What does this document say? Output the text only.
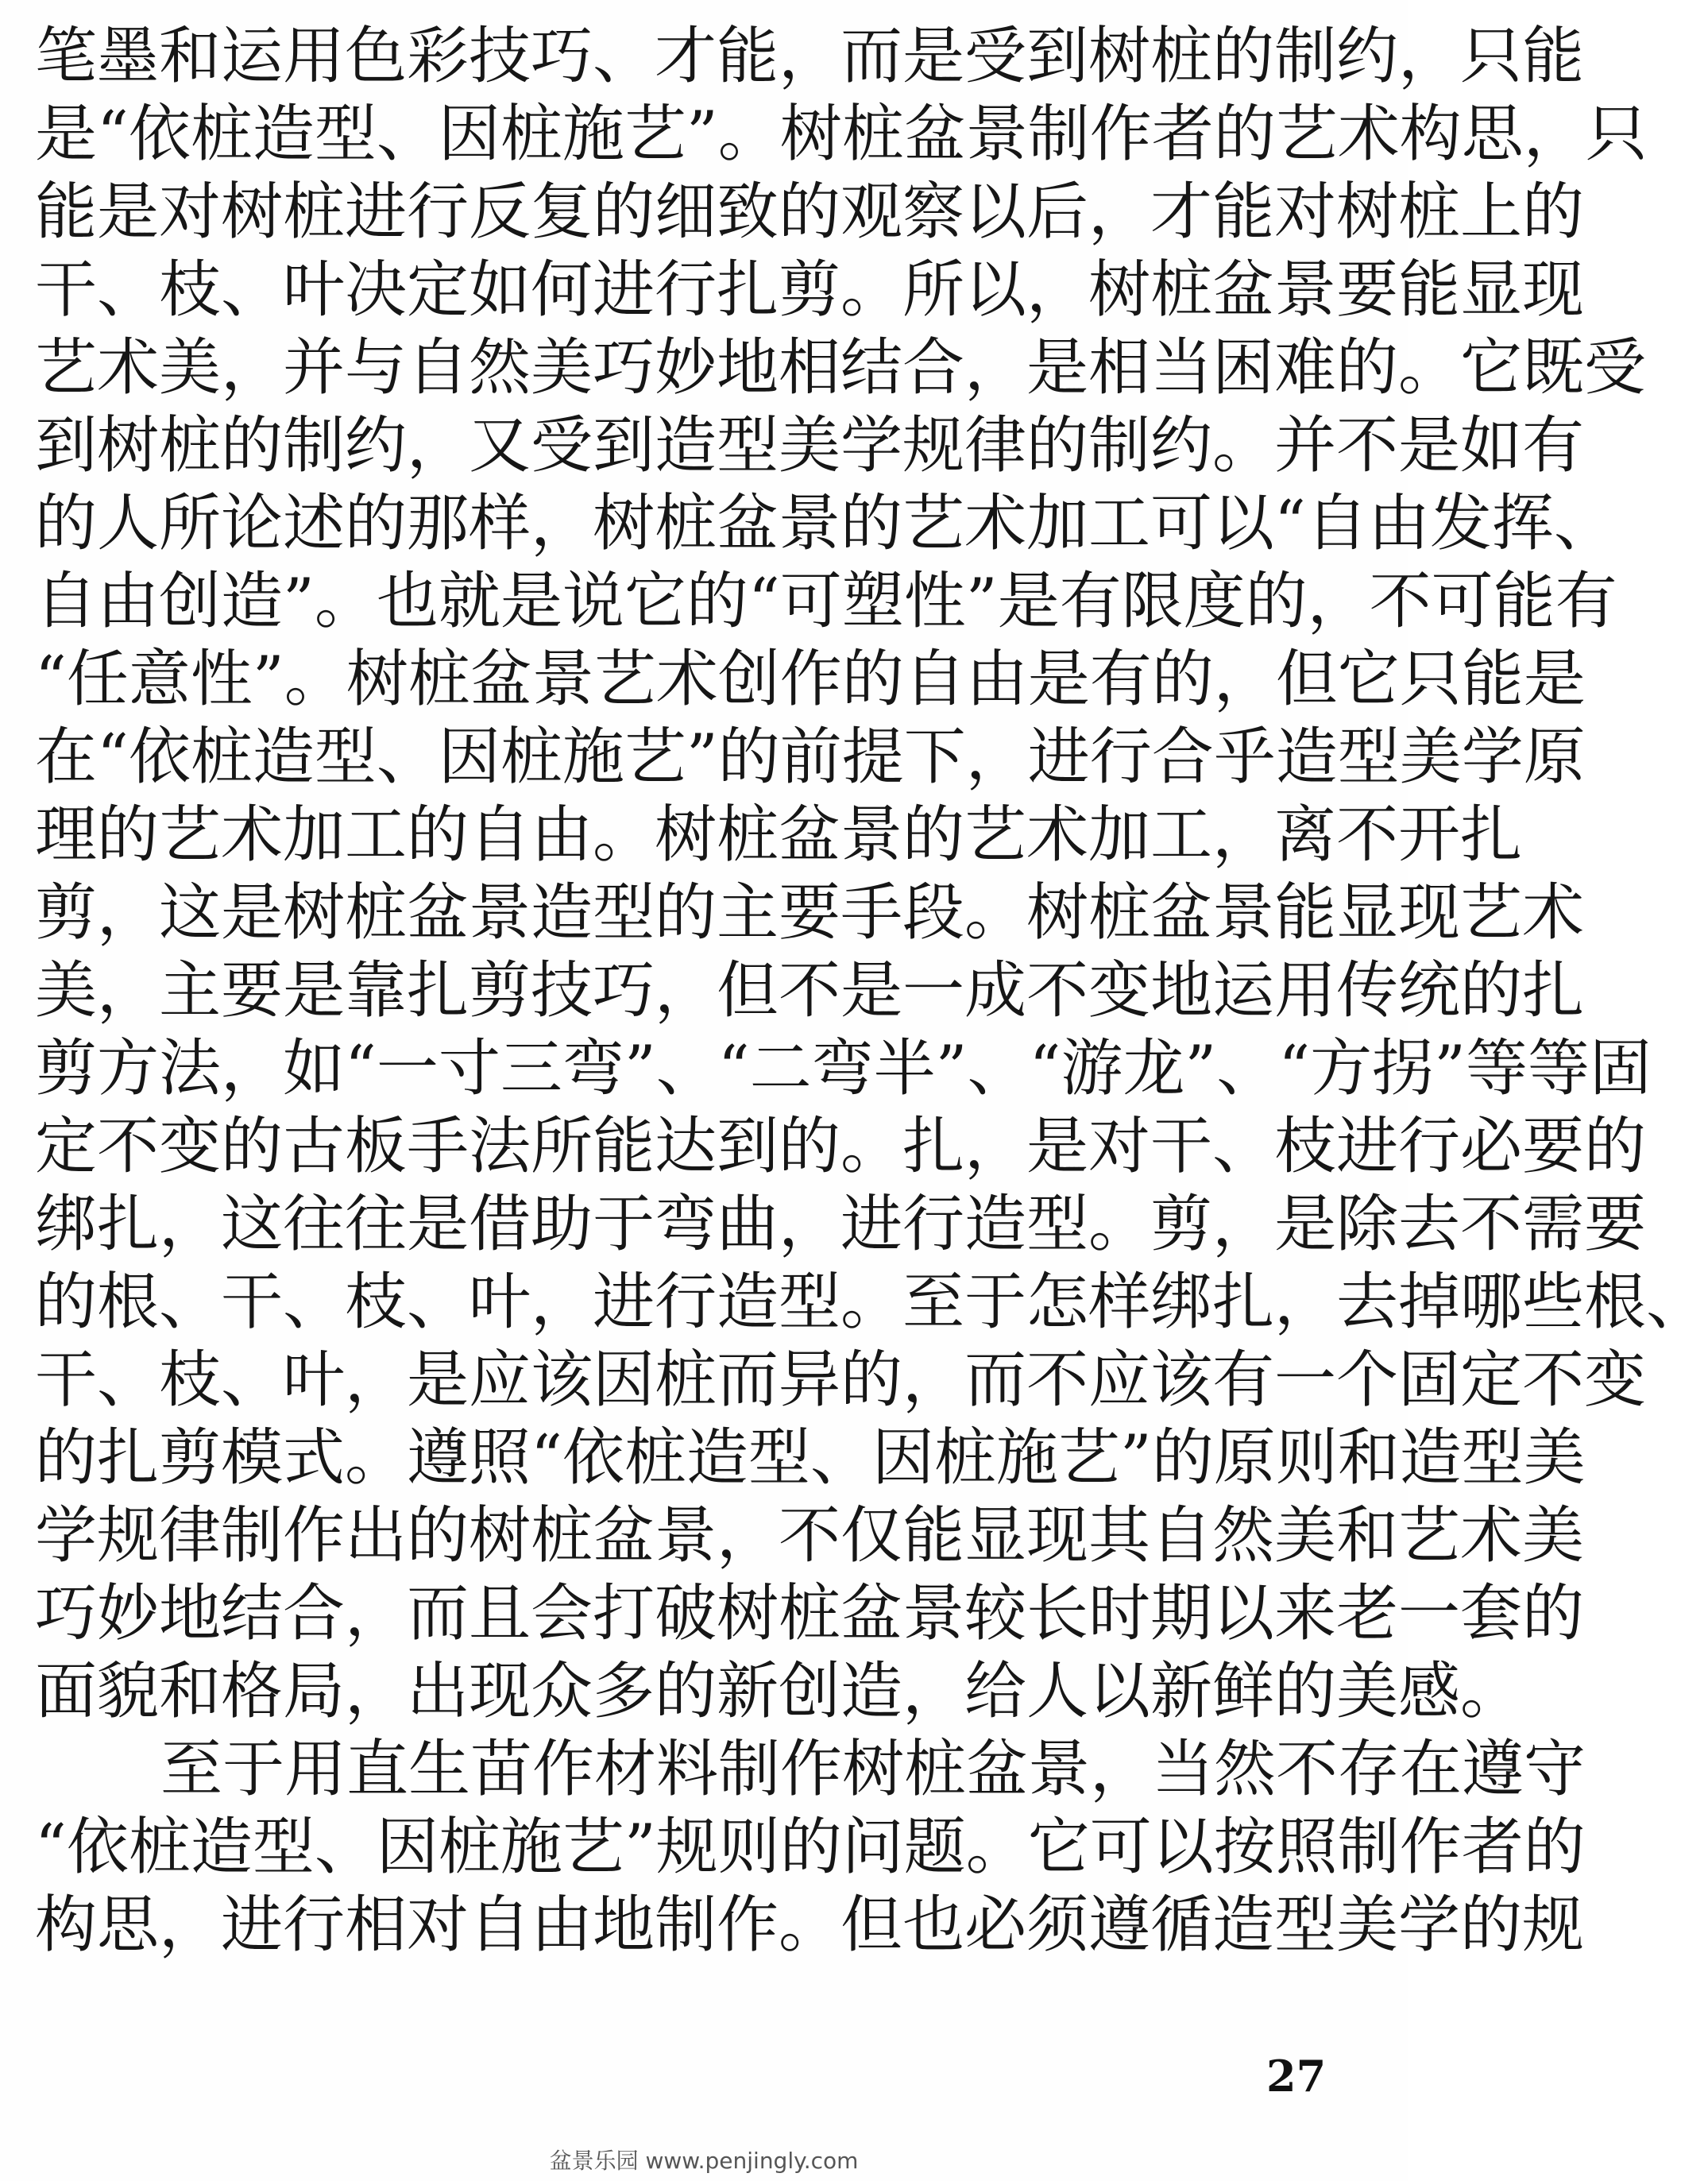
笔墨和运用色彩技巧、才能，而是受到树桩的制约，只能
是“依桩造型、因桩施艺”。树桩盆景制作者的艺术构思，只
能是对树桩进行反复的细致的观察以后，才能对树桩上的
干、枝、叶决定如何进行扎剪。所以，树桩盆景要能显现
艺术美，并与自然美巧妙地相结合，是相当困难的。它既受
到树桩的制约，又受到造型美学规律的制约。并不是如有
的人所论述的那样，树桩盆景的艺术加工可以“自由发挥、
自由创造”。也就是说它的“可塑性”是有限度的，不可能有
“任意性”。树桩盆景艺术创作的自由是有的，但它只能是
在“依桩造型、因桩施艺”的前提下，进行合乎造型美学原
理的艺术加工的自由。树桩盆景的艺术加工，离不开扎
剪，这是树桩盆景造型的主要手段。树桩盆景能显现艺术
美，主要是靠扎剪技巧，但不是一成不变地运用传统的扎
剪方法，如“一寸三弯”、“二弯半”、“游龙”、“方拐”等等固
定不变的古板手法所能达到的。扎，是对干、枝进行必要的
绑扎，这往往是借助于弯曲，进行造型。剪，是除去不需要
的根、干、枝、叶，进行造型。至于怎样绑扎，去掉哪些根、
干、枝、叶，是应该因桩而异的，而不应该有一个固定不变
的扎剪模式。遵照“依桩造型、因桩施艺”的原则和造型美
学规律制作出的树桩盆景，不仅能显现其自然美和艺术美
巧妙地结合，而且会打破树桩盆景较长时期以来老一套的
面貌和格局，出现众多的新创造，给人以新鲜的美感。
至于用直生苗作材料制作树桩盆景，当然不存在遵守
“依桩造型、因桩施艺”规则的问题。它可以按照制作者的
构思，进行相对自由地制作。但也必须遵循造型美学的规
27
盆景乐园 www.penjingly.com
